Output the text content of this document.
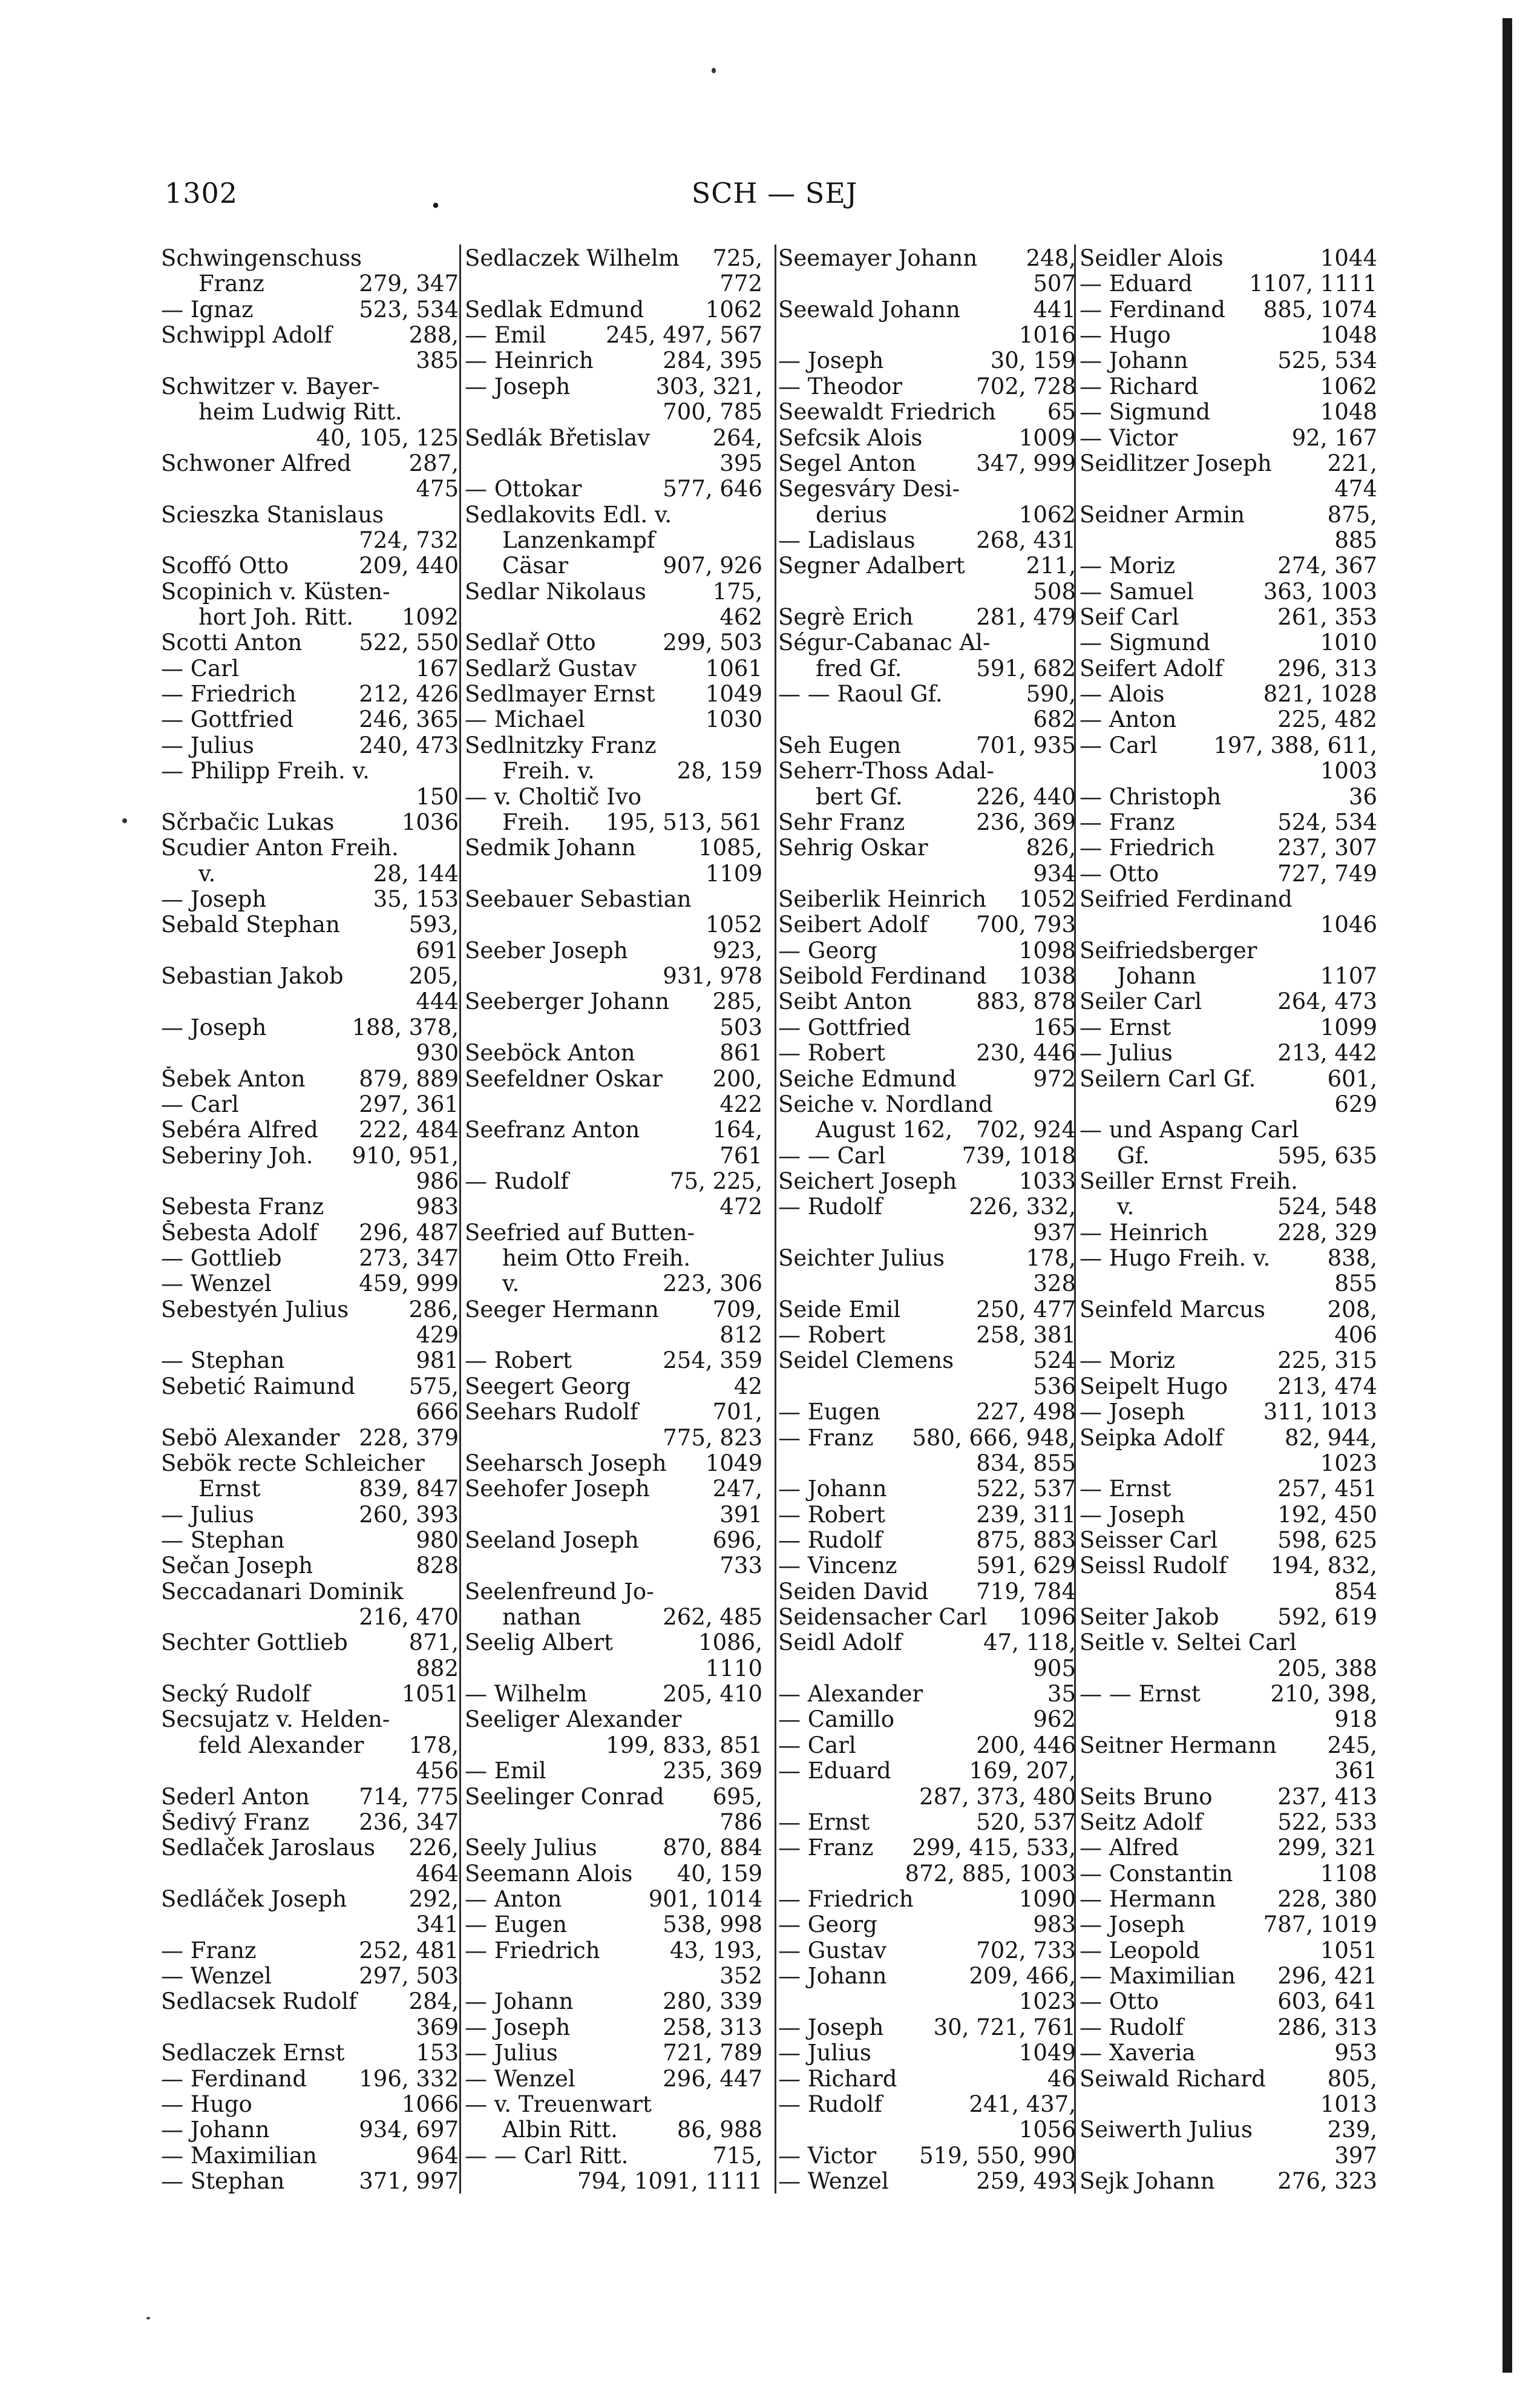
1302	.	SCH — SEJ
Schwingenschuss
Franz	279, 347
— Ignaz	523, 534
Schwippl Adolf	288,
385
Schwitzer v. Bayer-
heim Ludwig Ritt.
40, 105, 125
Schwoner Alfred	287,
475
Scieszka Stanislaus
724, 732
Scoffó Otto	209, 440
Scopinich v. Küsten-
hort Joh. Ritt. 1092
Scotti Anton	522, 550
— Carl	167
— Friedrich	212, 426
— Gottfried	246, 365
— Julius	240, 473
— Philipp Freih. v.
150
Sčrbačic Lukas	1036
Scudier Anton Freih.
v.	28, 144
— Joseph	35, 153
Sebald Stephan	593,
691
Sebastian Jakob	205,
444
— Joseph	188, 378,
930
Šebek Anton 879, 889
— Carl	297, 361
Sebéra Alfred 222, 484
Seberiny Joh. 910, 951,
986
Sebesta Franz	983
Šebesta Adolf 296, 487
— Gottlieb	273, 347
— Wenzel	459, 999
Sebestyén Julius	286,
429
— Stephan	981
Sebetić Raimund 575,
666
Sebö Alexander 228, 379
Sebök recte Schleicher
Ernst	839, 847
— Julius	260, 393
— Stephan	980
Sečan Joseph	828
Seccadanari Dominik
216, 470
Sechter Gottlieb	871,
882
Secký Rudolf	1051
Secsujatz v. Helden-
feld Alexander 178,
456
Sederl Anton 714, 775
Šedivý Franz 236, 347
Sedlaček Jaroslaus 226,
464
Sedláček Joseph	292,
341
— Franz	252, 481
— Wenzel	297, 503
Sedlacsek Rudolf 284,
369
Sedlaczek Ernst	153
— Ferdinand 196, 332
— Hugo	1066
— Johann	934, 697
— Maximilian	964
— Stephan	371, 997
Sedlaczek Wilhelm 725,
772
Sedlak Edmund	1062
— Emil	245, 497, 567
— Heinrich	284, 395
— Joseph	303, 321,
700, 785
Sedlák Břetislav	264,
395
— Ottokar	577, 646
Sedlakovits Edl. v.
Lanzenkampf
Cäsar	907, 926
Sedlar Nikolaus	175,
462
Sedlař Otto	299, 503
Sedlarž Gustav	1061
Sedlmayer Ernst 1049
— Michael	1030
Sedlnitzky Franz
Freih. v.	28, 159
— v. Choltič Ivo
Freih. 195, 513, 561
Sedmik Johann	1085,
1109
Seebauer Sebastian
1052
Seeber Joseph	923,
931, 978
Seeberger Johann 285,
503
Seeböck Anton	861
Seefeldner Oskar 200,
422
Seefranz Anton	164,
761
— Rudolf	75, 225,
472
Seefried auf Butten-
heim Otto Freih.
v.	223, 306
Seeger Hermann 709,
812
— Robert	254, 359
Seegert Georg	42
Seehars Rudolf	701,
775, 823
Seeharsch Joseph 1049
Seehofer Joseph	247,
391
Seeland Joseph	696,
733
Seelenfreund Jo-
nathan	262, 485
Seelig Albert	1086,
1110
— Wilhelm	205, 410
Seeliger Alexander
199, 833, 851
— Emil	235, 369
Seelinger Conrad 695,
786
Seely Julius	870, 884
Seemann Alois 40, 159
— Anton	901, 1014
— Eugen	538, 998
— Friedrich	43, 193,
352
— Johann	280, 339
— Joseph	258, 313
— Julius	721, 789
— Wenzel	296, 447
— v. Treuenwart
Albin Ritt.	86, 988
— — Carl Ritt.	715,
794, 1091, 1111
Seemayer Johann 248,
507
Seewald Johann	441
1016
— Joseph	30, 159
— Theodor	702, 728
Seewaldt Friedrich 65
Sefcsik Alois	1009
Segel Anton	347, 999
Segesváry Desi-
derius	1062
— Ladislaus	268, 431
Segner Adalbert	211,
508
Segrè Erich	281, 479
Ségur-Cabanac Al-
fred Gf.	591, 682
— — Raoul Gf.	590,
682
Seh Eugen	701, 935
Seherr-Thoss Adal-
bert Gf.	226, 440
Sehr Franz	236, 369
Sehrig Oskar	826,
934
Seiberlik Heinrich 1052
Seibert Adolf 700, 793
— Georg	1098
Seibold Ferdinand 1038
Seibt Anton	883, 878
— Gottfried	165
— Robert	230, 446
Seiche Edmund	972
Seiche v. Nordland
August 162, 702, 924
— — Carl	739, 1018
Seichert Joseph	1033
— Rudolf	226, 332,
937
Seichter Julius	178,
328
Seide Emil	250, 477
— Robert	258, 381
Seidel Clemens	524
536
— Eugen	227, 498
— Franz 580, 666, 948,
834, 855
— Johann	522, 537
— Robert	239, 311
— Rudolf	875, 883
— Vincenz	591, 629
Seiden David 719, 784
Seidensacher Carl 1096
Seidl Adolf	47, 118,
905
— Alexander	35
— Camillo	962
— Carl	200, 446
— Eduard	169, 207,
287, 373, 480
— Ernst	520, 537
— Franz 299, 415, 533,
872, 885, 1003
— Friedrich	1090
— Georg	983
— Gustav	702, 733
— Johann	209, 466,
1023
— Joseph 30, 721, 761
— Julius	1049
— Richard	46
— Rudolf	241, 437,
1056
— Victor 519, 550, 990
— Wenzel	259, 493
Seidler Alois	1044
— Eduard	1107, 1111
— Ferdinand 885, 1074
— Hugo	1048
— Johann	525, 534
— Richard	1062
— Sigmund	1048
— Victor	92, 167
Seidlitzer Joseph 221,
474
Seidner Armin	875,
885
— Moriz	274, 367
— Samuel	363, 1003
Seif Carl	261, 353
— Sigmund	1010
Seifert Adolf 296, 313
— Alois	821, 1028
— Anton	225, 482
— Carl	197, 388, 611,
1003
— Christoph	36
— Franz	524, 534
— Friedrich	237, 307
— Otto	727, 749
Seifried Ferdinand
1046
Seifriedsberger
Johann	1107
Seiler Carl	264, 473
— Ernst	1099
— Julius	213, 442
Seilern Carl Gf.	601,
629
— und Aspang Carl
Gf.	595, 635
Seiller Ernst Freih.
v.	524, 548
— Heinrich	228, 329
— Hugo Freih. v.	838,
855
Seinfeld Marcus	208,
406
— Moriz	225, 315
Seipelt Hugo 213, 474
— Joseph	311, 1013
Seipka Adolf	82, 944,
1023
— Ernst	257, 451
— Joseph	192, 450
Seisser Carl	598, 625
Seissl Rudolf 194, 832,
854
Seiter Jakob	592, 619
Seitle v. Seltei Carl
205, 388
— — Ernst	210, 398,
918
Seitner Hermann 245,
361
Seits Bruno	237, 413
Seitz Adolf	522, 533
— Alfred	299, 321
— Constantin	1108
— Hermann	228, 380
— Joseph	787, 1019
— Leopold	1051
— Maximilian 296, 421
— Otto	603, 641
— Rudolf	286, 313
— Xaveria	953
Seiwald Richard	805,
1013
Seiwerth Julius	239,
397
Sejk Johann	276, 323
